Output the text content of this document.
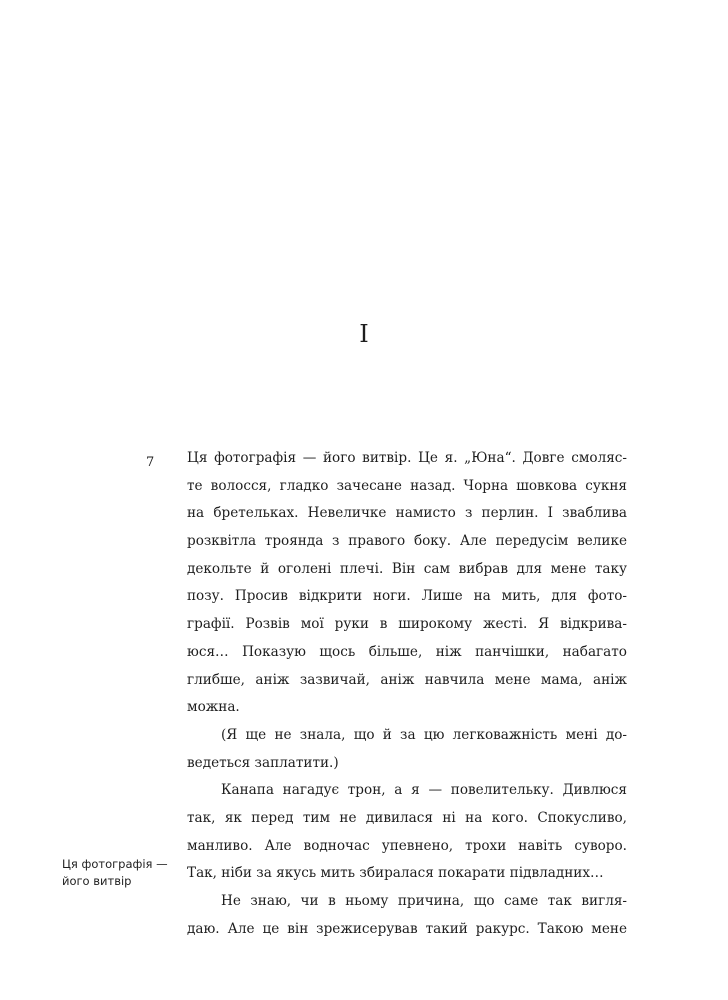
I
7 Ця фотографія — його витвір. Це я. „Юна“. Довге смоляс-
те волосся, гладко зачесане назад. Чорна шовкова сукня
на бретельках. Невеличке намисто з перлин. І зваблива
розквітла троянда з правого боку. Але передусім велике
декольте й оголені плечі. Він сам вибрав для мене таку
позу. Просив відкрити ноги. Лише на мить, для фото-
графії. Розвів мої руки в широкому жесті. Я відкрива-
юся… Показую щось більше, ніж панчішки, набагато
глибше, аніж зазвичай, аніж навчила мене мама, аніж
можна.
(Я ще не знала, що й за цю легковажність мені до-
ведеться заплатити.)
Канапа нагадує трон, а я — повелительку. Дивлюся
так, як перед тим не дивилася ні на кого. Спокусливо,
манливо. Але водночас упевнено, трохи навіть суворо.
Так, ніби за якусь мить збиралася покарати підвладних…
Не знаю, чи в ньому причина, що саме так вигля-
даю. Але це він зрежисерував такий ракурс. Такою мене
Ця фотографія —
його витвір
